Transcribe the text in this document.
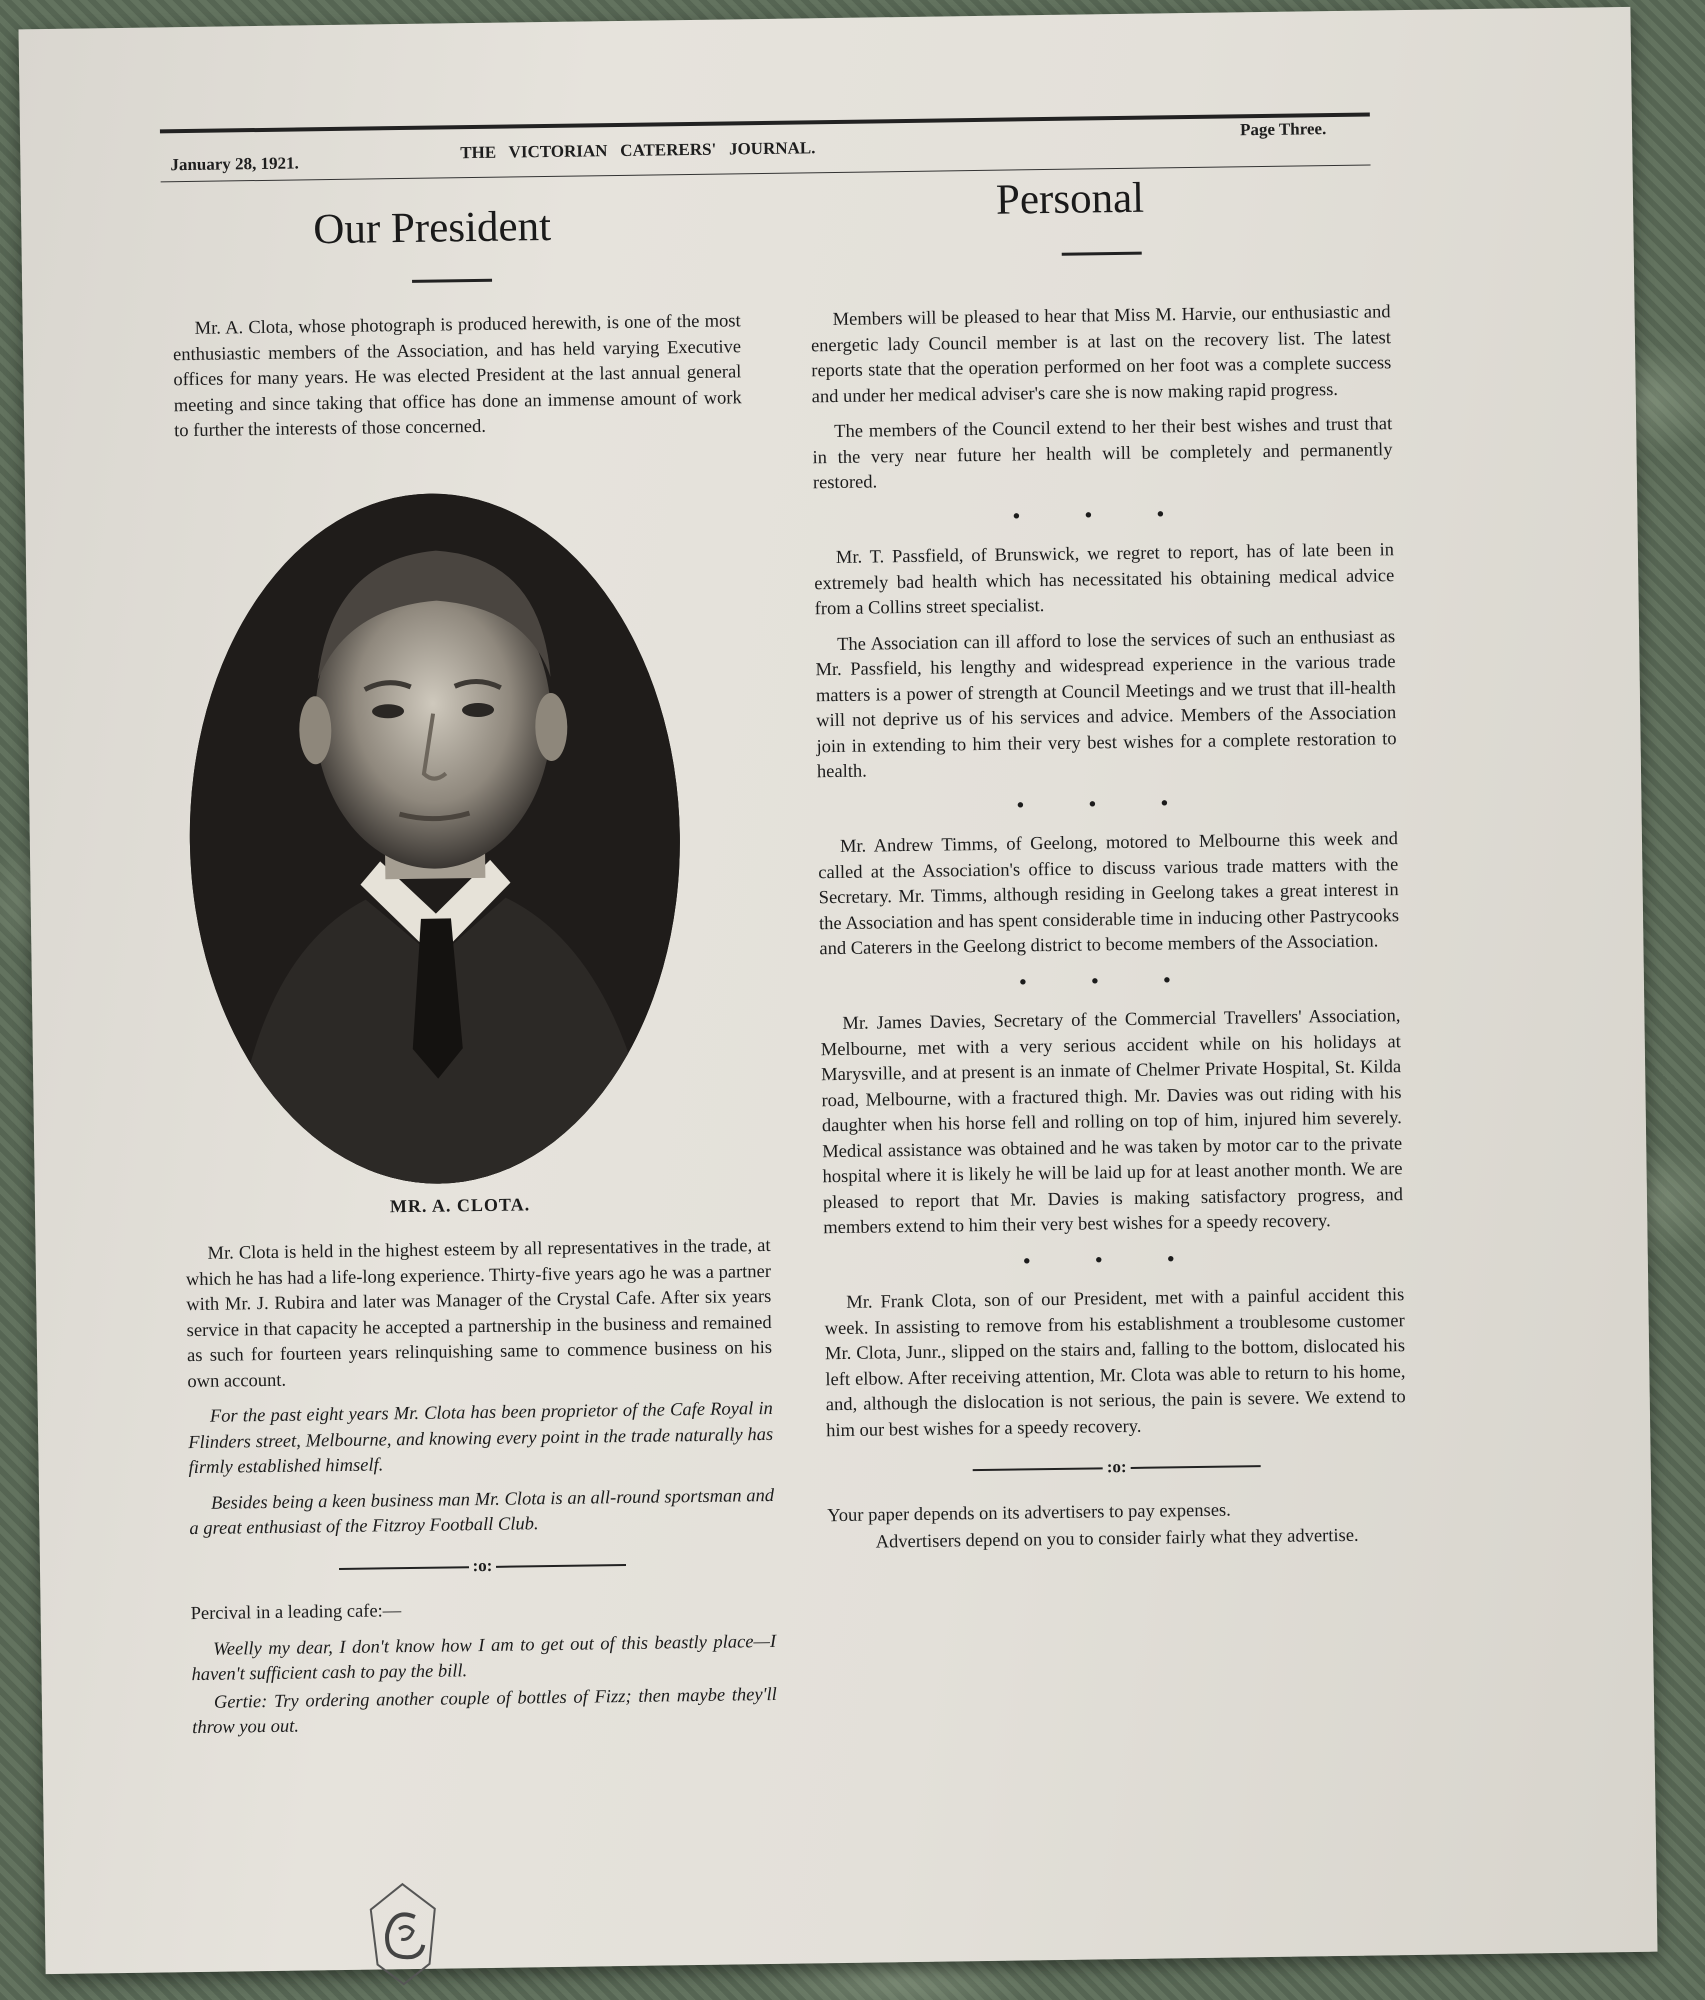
January 28, 1921.
THE   VICTORIAN   CATERERS'   JOURNAL.
Page Three.
Our President

Mr. A. Clota, whose photograph is produced herewith, is one of the most enthusiastic members of the Association, and has held varying Executive offices for many years. He was elected President at the last annual general meeting and since taking that office has done an immense amount of work to further the interests of those concerned.

MR. A. CLOTA.

Mr. Clota is held in the highest esteem by all representatives in the trade, at which he has had a life-long experience. Thirty-five years ago he was a partner with Mr. J. Rubira and later was Manager of the Crystal Cafe. After six years service in that capacity he accepted a partnership in the business and remained as such for fourteen years relinquishing same to commence business on his own account.

For the past eight years Mr. Clota has been proprietor of the Cafe Royal in Flinders street, Melbourne, and knowing every point in the trade naturally has firmly established himself.

Besides being a keen business man Mr. Clota is an all-round sportsman and a great enthusiast of the Fitzroy Football Club.

:o:

Percival in a leading cafe:—

Weelly my dear, I don't know how I am to get out of this beastly place—I haven't sufficient cash to pay the bill.

Gertie: Try ordering another couple of bottles of Fizz; then maybe they'll throw you out.

Personal

Members will be pleased to hear that Miss M. Harvie, our enthusiastic and energetic lady Council member is at last on the recovery list. The latest reports state that the operation performed on her foot was a complete success and under her medical adviser's care she is now making rapid progress.

The members of the Council extend to her their best wishes and trust that in the very near future her health will be completely and permanently restored.

• • •

Mr. T. Passfield, of Brunswick, we regret to report, has of late been in extremely bad health which has necessitated his obtaining medical advice from a Collins street specialist.

The Association can ill afford to lose the services of such an enthusiast as Mr. Passfield, his lengthy and widespread experience in the various trade matters is a power of strength at Council Meetings and we trust that ill-health will not deprive us of his services and advice. Members of the Association join in extending to him their very best wishes for a complete restoration to health.

• • •

Mr. Andrew Timms, of Geelong, motored to Melbourne this week and called at the Association's office to discuss various trade matters with the Secretary. Mr. Timms, although residing in Geelong takes a great interest in the Association and has spent considerable time in inducing other Pastrycooks and Caterers in the Geelong district to become members of the Association.

• • •

Mr. James Davies, Secretary of the Commercial Travellers' Association, Melbourne, met with a very serious accident while on his holidays at Marysville, and at present is an inmate of Chelmer Private Hospital, St. Kilda road, Melbourne, with a fractured thigh. Mr. Davies was out riding with his daughter when his horse fell and rolling on top of him, injured him severely. Medical assistance was obtained and he was taken by motor car to the private hospital where it is likely he will be laid up for at least another month. We are pleased to report that Mr. Davies is making satisfactory progress, and members extend to him their very best wishes for a speedy recovery.

• • •

Mr. Frank Clota, son of our President, met with a painful accident this week. In assisting to remove from his establishment a troublesome customer Mr. Clota, Junr., slipped on the stairs and, falling to the bottom, dislocated his left elbow. After receiving attention, Mr. Clota was able to return to his home, and, although the dislocation is not serious, the pain is severe. We extend to him our best wishes for a speedy recovery.

:o:

Your paper depends on its advertisers to pay expenses.

Advertisers depend on you to consider fairly what they advertise.
